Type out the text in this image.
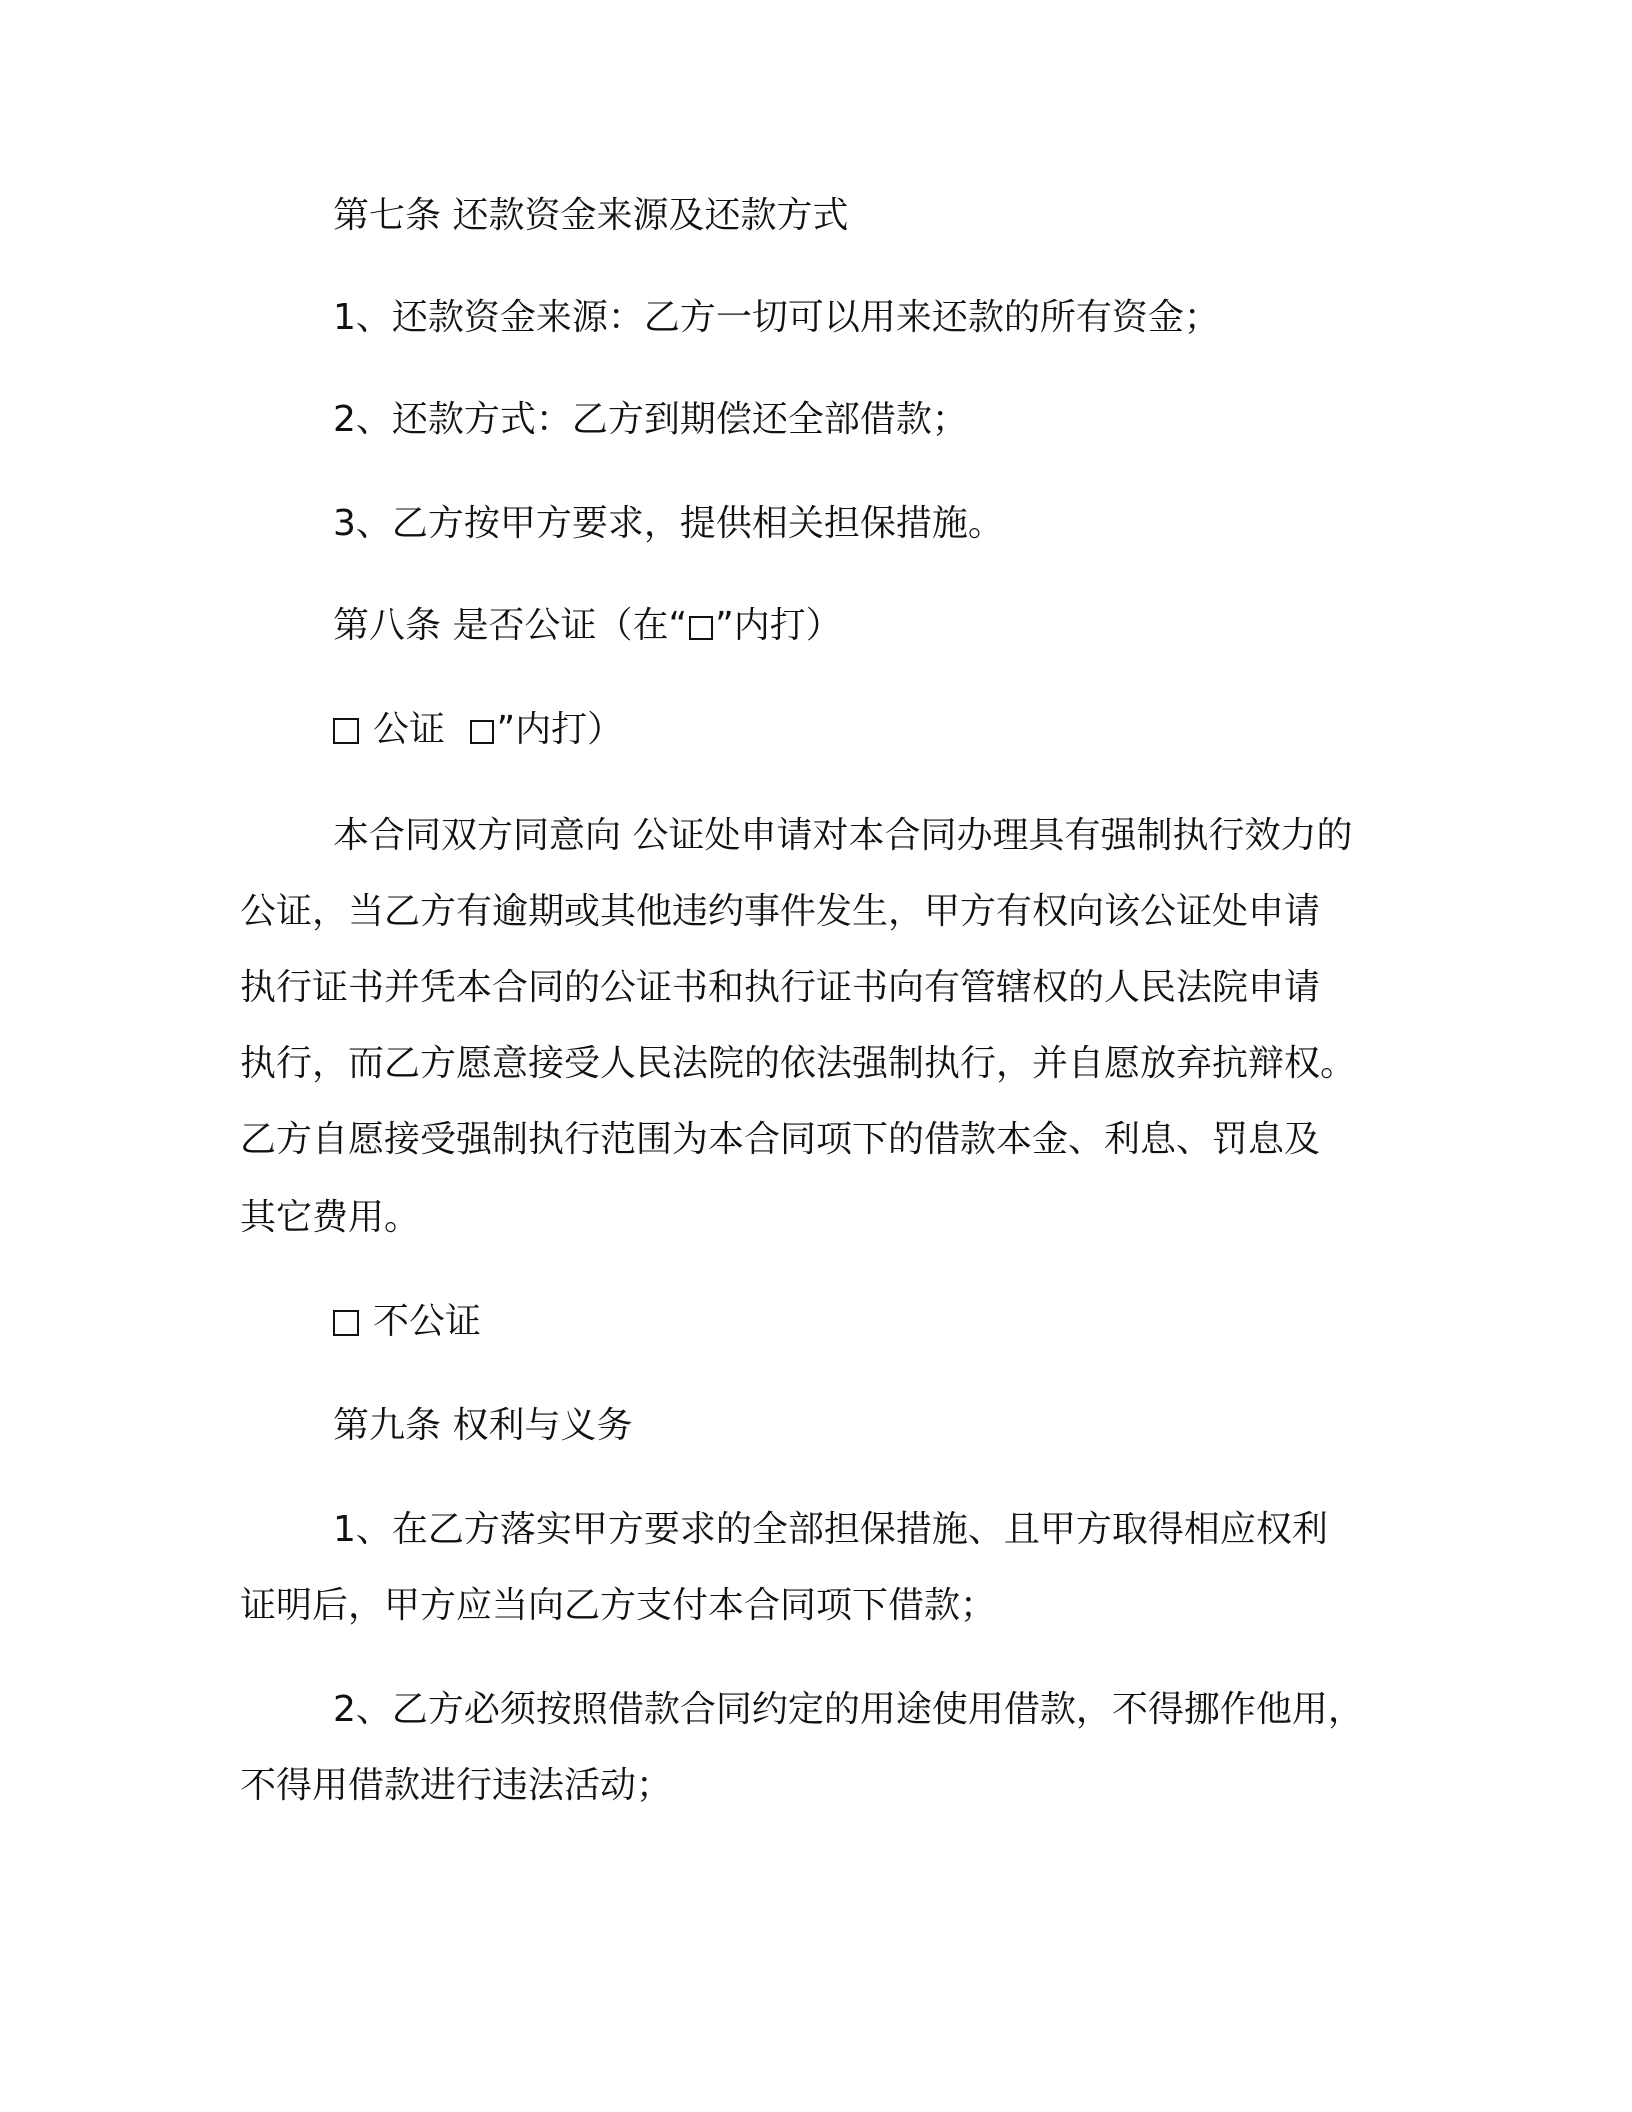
第七条 还款资金来源及还款方式
1、还款资金来源：乙方一切可以用来还款的所有资金；
2、还款方式：乙方到期偿还全部借款；
3、乙方按甲方要求，提供相关担保措施。
第八条 是否公证（在“ ”内打）
公证 ”内打）
本合同双方同意向 公证处申请对本合同办理具有强制执行效力的
公证，当乙方有逾期或其他违约事件发生，甲方有权向该公证处申请
执行证书并凭本合同的公证书和执行证书向有管辖权的人民法院申请
执行，而乙方愿意接受人民法院的依法强制执行，并自愿放弃抗辩权。
乙方自愿接受强制执行范围为本合同项下的借款本金、利息、罚息及
其它费用。
不公证
第九条 权利与义务
1、在乙方落实甲方要求的全部担保措施、且甲方取得相应权利
证明后，甲方应当向乙方支付本合同项下借款；
2、乙方必须按照借款合同约定的用途使用借款，不得挪作他用，
不得用借款进行违法活动；
